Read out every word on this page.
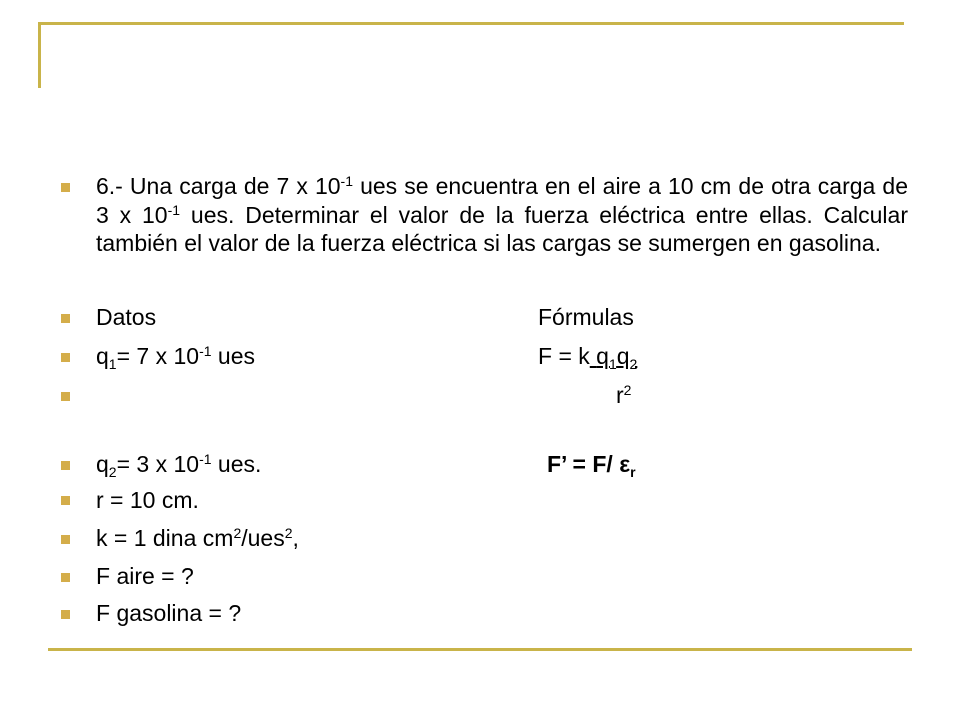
6.- Una carga de 7 x $10^{-1}$ ues se encuentra en el aire a 10 cm de otra carga de 3 x $10^{-1}$ ues. Determinar el valor de la fuerza eléctrica entre ellas. Calcular también el valor de la fuerza eléctrica si las cargas se sumergen en gasolina.
Datos	Fórmulas
$q_1= 7$ x $10^{-1}$ ues	F = k $q_1q_2$
$r^2$
$q_2= 3$ x $10^{-1}$ ues.	F’ = F/ $\varepsilon_r$
r = 10 cm.
k = 1 dina $cm^2/ues^2$,
F aire = ?
F gasolina = ?
